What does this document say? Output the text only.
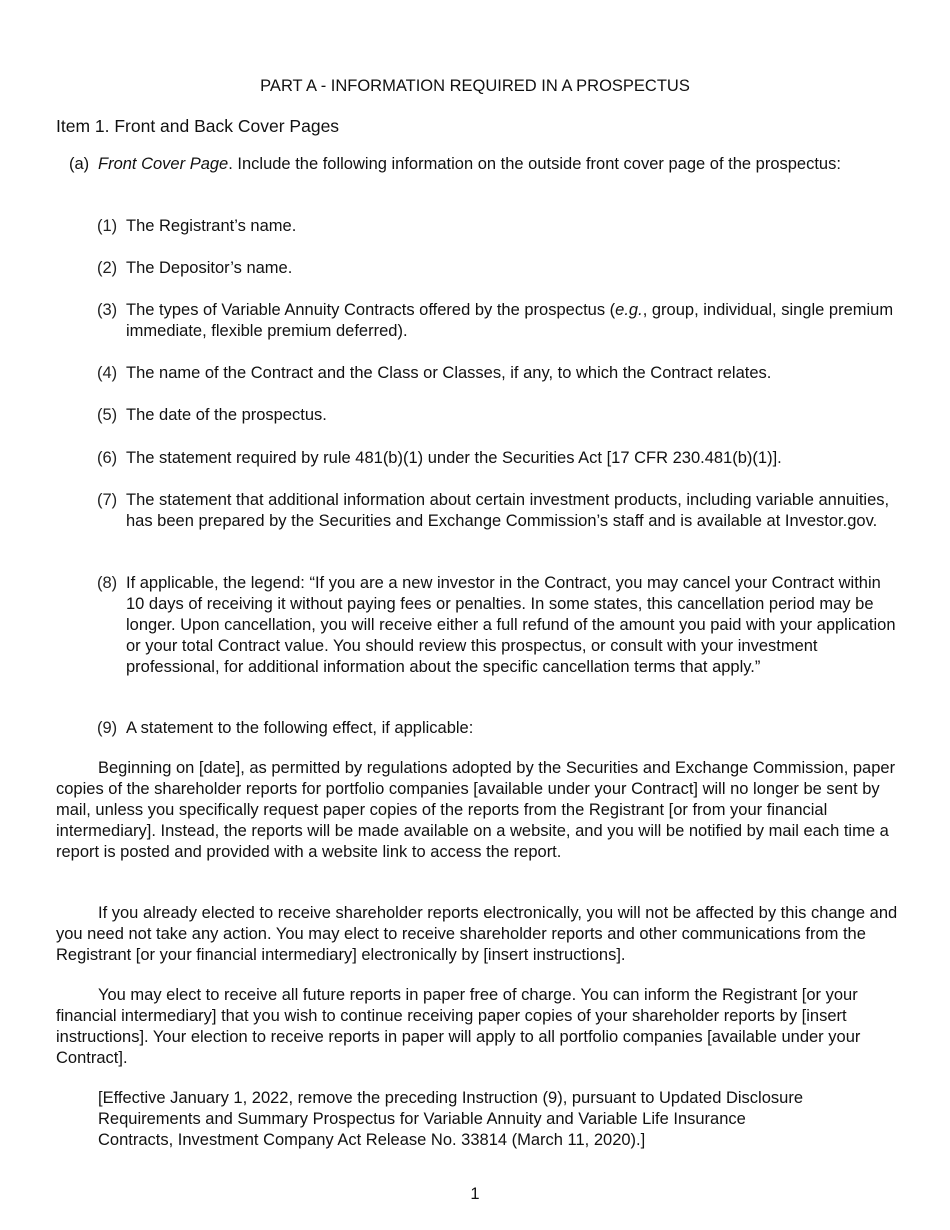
PART A - INFORMATION REQUIRED IN A PROSPECTUS
Item 1. Front and Back Cover Pages
(a) Front Cover Page. Include the following information on the outside front cover page of the prospectus:
(1) The Registrant’s name.
(2) The Depositor’s name.
(3) The types of Variable Annuity Contracts offered by the prospectus (e.g., group, individual, single premium immediate, flexible premium deferred).
(4) The name of the Contract and the Class or Classes, if any, to which the Contract relates.
(5) The date of the prospectus.
(6) The statement required by rule 481(b)(1) under the Securities Act [17 CFR 230.481(b)(1)].
(7) The statement that additional information about certain investment products, including variable annuities, has been prepared by the Securities and Exchange Commission’s staff and is available at Investor.gov.
(8) If applicable, the legend: “If you are a new investor in the Contract, you may cancel your Contract within 10 days of receiving it without paying fees or penalties. In some states, this cancellation period may be longer. Upon cancellation, you will receive either a full refund of the amount you paid with your application or your total Contract value. You should review this prospectus, or consult with your investment professional, for additional information about the specific cancellation terms that apply.”
(9) A statement to the following effect, if applicable:
Beginning on [date], as permitted by regulations adopted by the Securities and Exchange Commission, paper copies of the shareholder reports for portfolio companies [available under your Contract] will no longer be sent by mail, unless you specifically request paper copies of the reports from the Registrant [or from your financial intermediary]. Instead, the reports will be made available on a website, and you will be notified by mail each time a report is posted and provided with a website link to access the report.
If you already elected to receive shareholder reports electronically, you will not be affected by this change and you need not take any action. You may elect to receive shareholder reports and other communications from the Registrant [or your financial intermediary] electronically by [insert instructions].
You may elect to receive all future reports in paper free of charge. You can inform the Registrant [or your financial intermediary] that you wish to continue receiving paper copies of your shareholder reports by [insert instructions]. Your election to receive reports in paper will apply to all portfolio companies [available under your Contract].
[Effective January 1, 2022, remove the preceding Instruction (9), pursuant to Updated Disclosure Requirements and Summary Prospectus for Variable Annuity and Variable Life Insurance Contracts, Investment Company Act Release No. 33814 (March 11, 2020).]
1
